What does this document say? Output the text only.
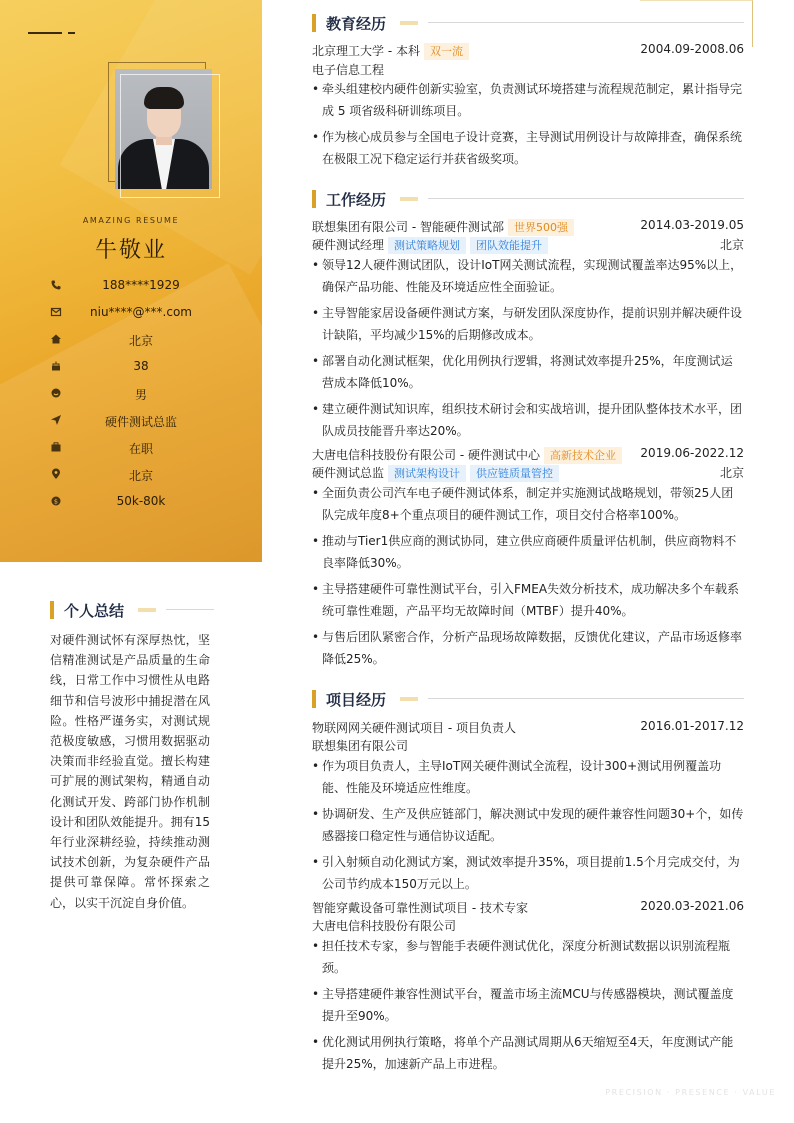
AMAZING RESUME
牛敬业
188****1929
niu****@***.com
北京
38
男
硬件测试总监
在职
北京
$	50k-80k
个人总结
对硬件测试怀有深厚热忱，坚信精准测试是产品质量的生命线，日常工作中习惯性从电路细节和信号波形中捕捉潜在风险。性格严谨务实，对测试规范极度敏感，习惯用数据驱动决策而非经验直觉。擅长构建可扩展的测试架构，精通自动化测试开发、跨部门协作机制设计和团队效能提升。拥有15年行业深耕经验，持续推动测试技术创新，为复杂硬件产品提供可靠保障。常怀探索之心，以实干沉淀自身价值。
教育经历
北京理工大学 - 本科 双一流	2004.09-2008.06
电子信息工程
• 牵头组建校内硬件创新实验室，负责测试环境搭建与流程规范制定，累计指导完成 5 项省级科研训练项目。
• 作为核心成员参与全国电子设计竞赛，主导测试用例设计与故障排查，确保系统在极限工况下稳定运行并获省级奖项。
工作经历
联想集团有限公司 - 智能硬件测试部 世界500强	2014.03-2019.05
硬件测试经理 测试策略规划 团队效能提升	北京
• 领导12人硬件测试团队，设计IoT网关测试流程，实现测试覆盖率达95%以上，确保产品功能、性能及环境适应性全面验证。
• 主导智能家居设备硬件测试方案，与研发团队深度协作，提前识别并解决硬件设计缺陷，平均减少15%的后期修改成本。
• 部署自动化测试框架，优化用例执行逻辑，将测试效率提升25%，年度测试运营成本降低10%。
• 建立硬件测试知识库，组织技术研讨会和实战培训，提升团队整体技术水平，团队成员技能晋升率达20%。
大唐电信科技股份有限公司 - 硬件测试中心 高新技术企业	2019.06-2022.12
硬件测试总监 测试架构设计 供应链质量管控	北京
• 全面负责公司汽车电子硬件测试体系，制定并实施测试战略规划，带领25人团队完成年度8+个重点项目的硬件测试工作，项目交付合格率100%。
• 推动与Tier1供应商的测试协同，建立供应商硬件质量评估机制，供应商物料不良率降低30%。
• 主导搭建硬件可靠性测试平台，引入FMEA失效分析技术，成功解决多个车载系统可靠性难题，产品平均无故障时间（MTBF）提升40%。
• 与售后团队紧密合作，分析产品现场故障数据，反馈优化建议，产品市场返修率降低25%。
项目经历
物联网网关硬件测试项目 - 项目负责人	2016.01-2017.12
联想集团有限公司
• 作为项目负责人，主导IoT网关硬件测试全流程，设计300+测试用例覆盖功能、性能及环境适应性维度。
• 协调研发、生产及供应链部门，解决测试中发现的硬件兼容性问题30+个，如传感器接口稳定性与通信协议适配。
• 引入射频自动化测试方案，测试效率提升35%，项目提前1.5个月完成交付，为公司节约成本150万元以上。
智能穿戴设备可靠性测试项目 - 技术专家	2020.03-2021.06
大唐电信科技股份有限公司
• 担任技术专家，参与智能手表硬件测试优化，深度分析测试数据以识别流程瓶颈。
• 主导搭建硬件兼容性测试平台，覆盖市场主流MCU与传感器模块，测试覆盖度提升至90%。
• 优化测试用例执行策略，将单个产品测试周期从6天缩短至4天，年度测试产能提升25%，加速新产品上市进程。
PRECISION · PRESENCE · VALUE
